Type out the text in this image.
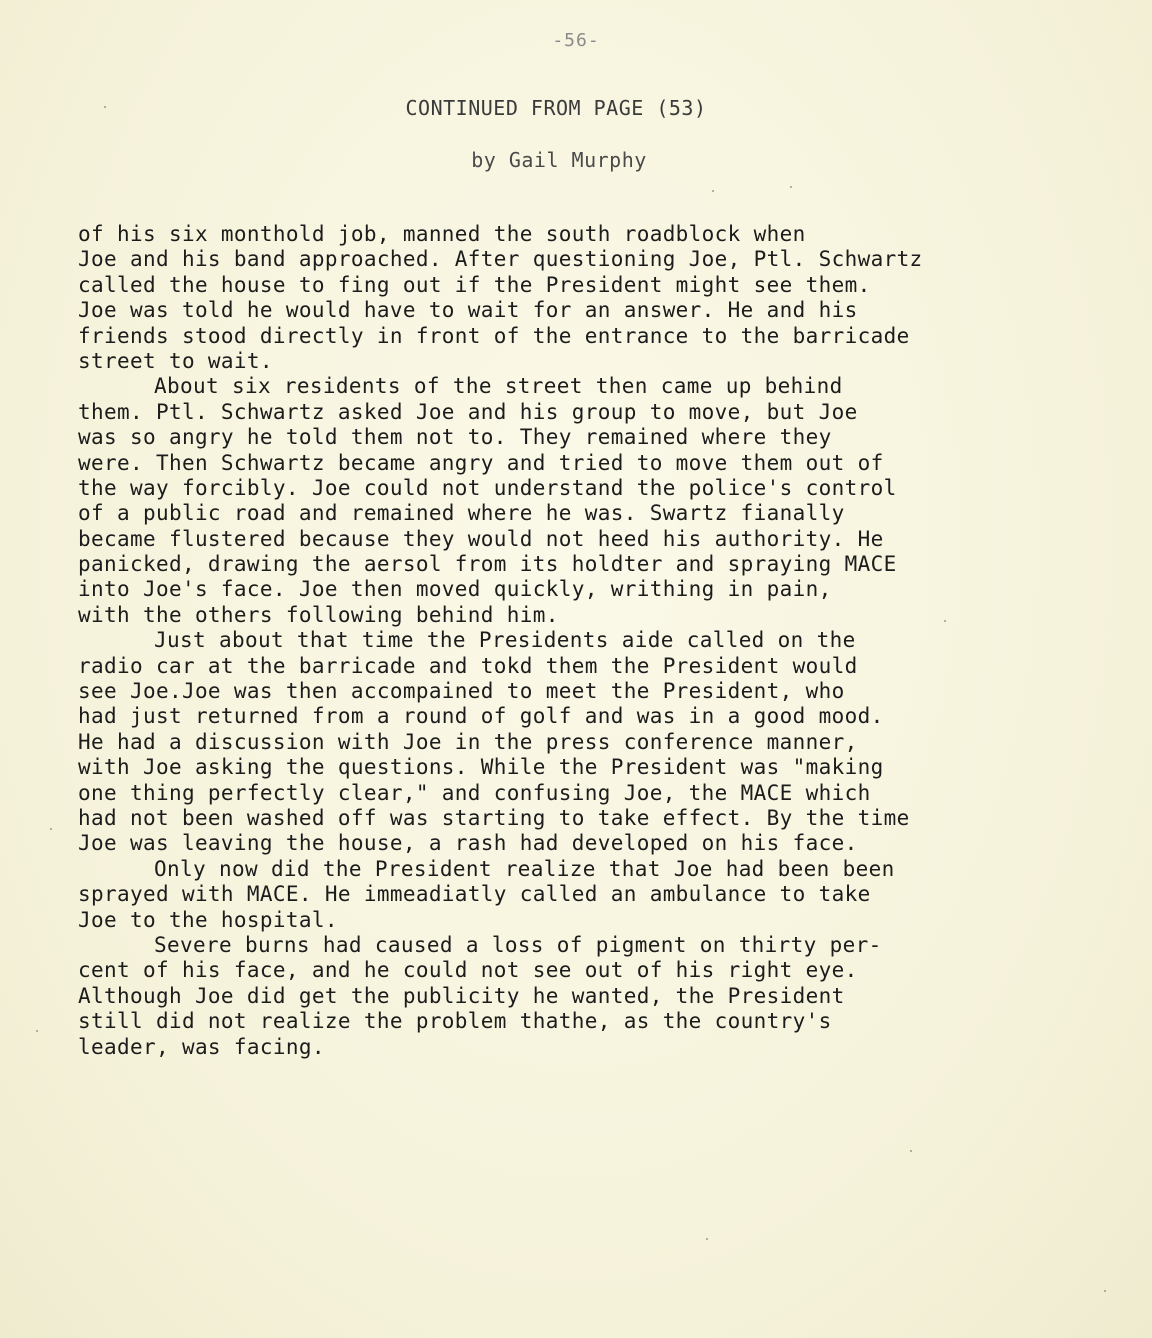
-56-
CONTINUED FROM PAGE (53)
by Gail Murphy
of his six monthold job, manned the south roadblock when
Joe and his band approached. After questioning Joe, Ptl. Schwartz
called the house to fing out if the President might see them.
Joe was told he would have to wait for an answer. He and his
friends stood directly in front of the entrance to the barricade
street to wait.
About six residents of the street then came up behind
them. Ptl. Schwartz asked Joe and his group to move, but Joe
was so angry he told them not to. They remained where they
were. Then Schwartz became angry and tried to move them out of
the way forcibly. Joe could not understand the police's control
of a public road and remained where he was. Swartz fianally
became flustered because they would not heed his authority. He
panicked, drawing the aersol from its holdter and spraying MACE
into Joe's face. Joe then moved quickly, writhing in pain,
with the others following behind him.
Just about that time the Presidents aide called on the
radio car at the barricade and tokd them the President would
see Joe.Joe was then accompained to meet the President, who
had just returned from a round of golf and was in a good mood.
He had a discussion with Joe in the press conference manner,
with Joe asking the questions. While the President was "making
one thing perfectly clear," and confusing Joe, the MACE which
had not been washed off was starting to take effect. By the time
Joe was leaving the house, a rash had developed on his face.
Only now did the President realize that Joe had been been
sprayed with MACE. He immeadiatly called an ambulance to take
Joe to the hospital.
Severe burns had caused a loss of pigment on thirty per-
cent of his face, and he could not see out of his right eye.
Although Joe did get the publicity he wanted, the President
still did not realize the problem thathe, as the country's
leader, was facing.
